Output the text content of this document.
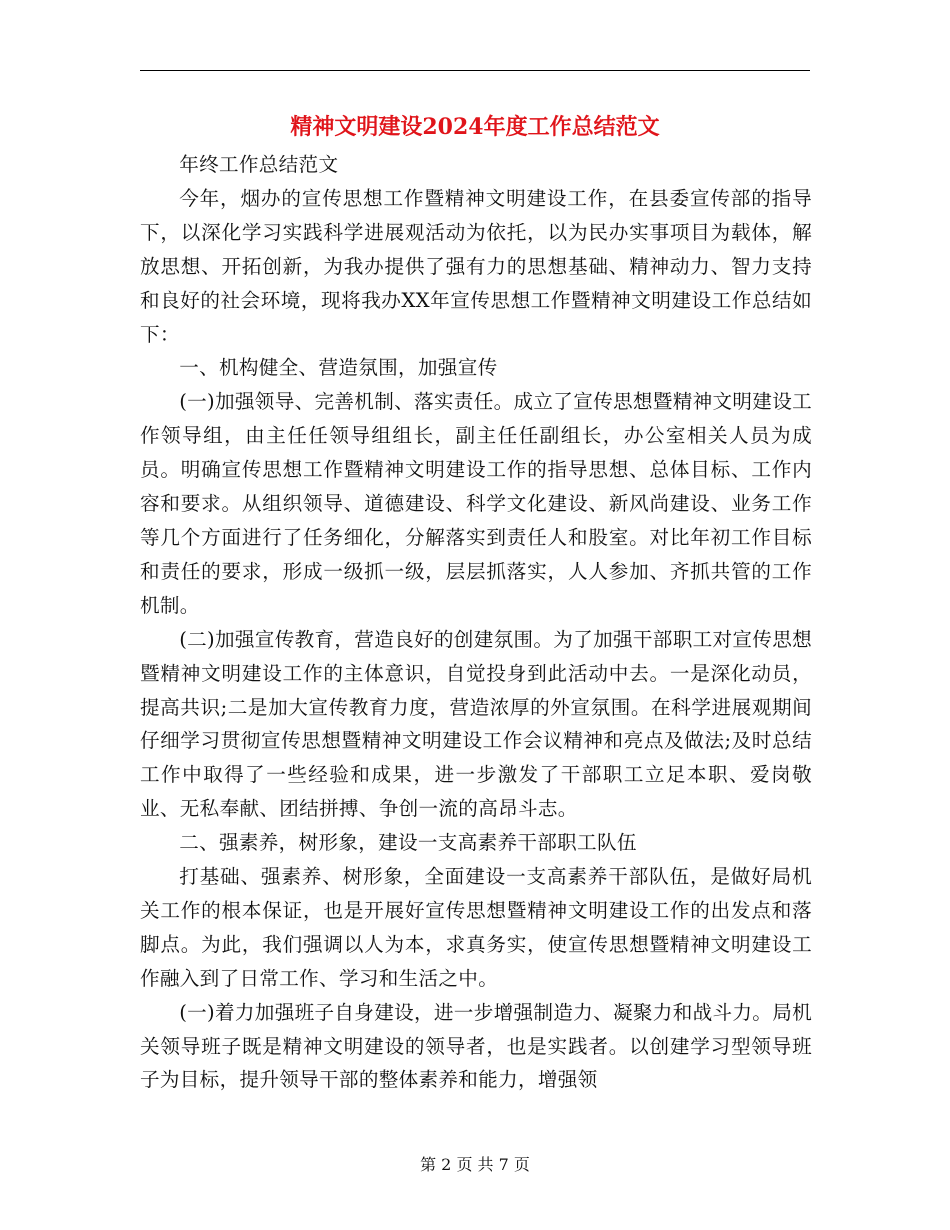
精神文明建设2024年度工作总结范文

年终工作总结范文

今年，烟办的宣传思想工作暨精神文明建设工作，在县委宣传部的指导下，以深化学习实践科学进展观活动为依托，以为民办实事项目为载体，解放思想、开拓创新，为我办提供了强有力的思想基础、精神动力、智力支持和良好的社会环境，现将我办XX年宣传思想工作暨精神文明建设工作总结如下：

一、机构健全、营造氛围，加强宣传

(一)加强领导、完善机制、落实责任。成立了宣传思想暨精神文明建设工作领导组，由主任任领导组组长，副主任任副组长，办公室相关人员为成员。明确宣传思想工作暨精神文明建设工作的指导思想、总体目标、工作内容和要求。从组织领导、道德建设、科学文化建设、新风尚建设、业务工作等几个方面进行了任务细化，分解落实到责任人和股室。对比年初工作目标和责任的要求，形成一级抓一级，层层抓落实，人人参加、齐抓共管的工作机制。

(二)加强宣传教育，营造良好的创建氛围。为了加强干部职工对宣传思想暨精神文明建设工作的主体意识，自觉投身到此活动中去。一是深化动员，提高共识;二是加大宣传教育力度，营造浓厚的外宣氛围。在科学进展观期间仔细学习贯彻宣传思想暨精神文明建设工作会议精神和亮点及做法;及时总结工作中取得了一些经验和成果，进一步激发了干部职工立足本职、爱岗敬业、无私奉献、团结拼搏、争创一流的高昂斗志。

二、强素养，树形象，建设一支高素养干部职工队伍

打基础、强素养、树形象，全面建设一支高素养干部队伍，是做好局机关工作的根本保证，也是开展好宣传思想暨精神文明建设工作的出发点和落脚点。为此，我们强调以人为本，求真务实，使宣传思想暨精神文明建设工作融入到了日常工作、学习和生活之中。

(一)着力加强班子自身建设，进一步增强制造力、凝聚力和战斗力。局机关领导班子既是精神文明建设的领导者，也是实践者。以创建学习型领导班子为目标，提升领导干部的整体素养和能力，增强领

第 2 页 共 7 页
